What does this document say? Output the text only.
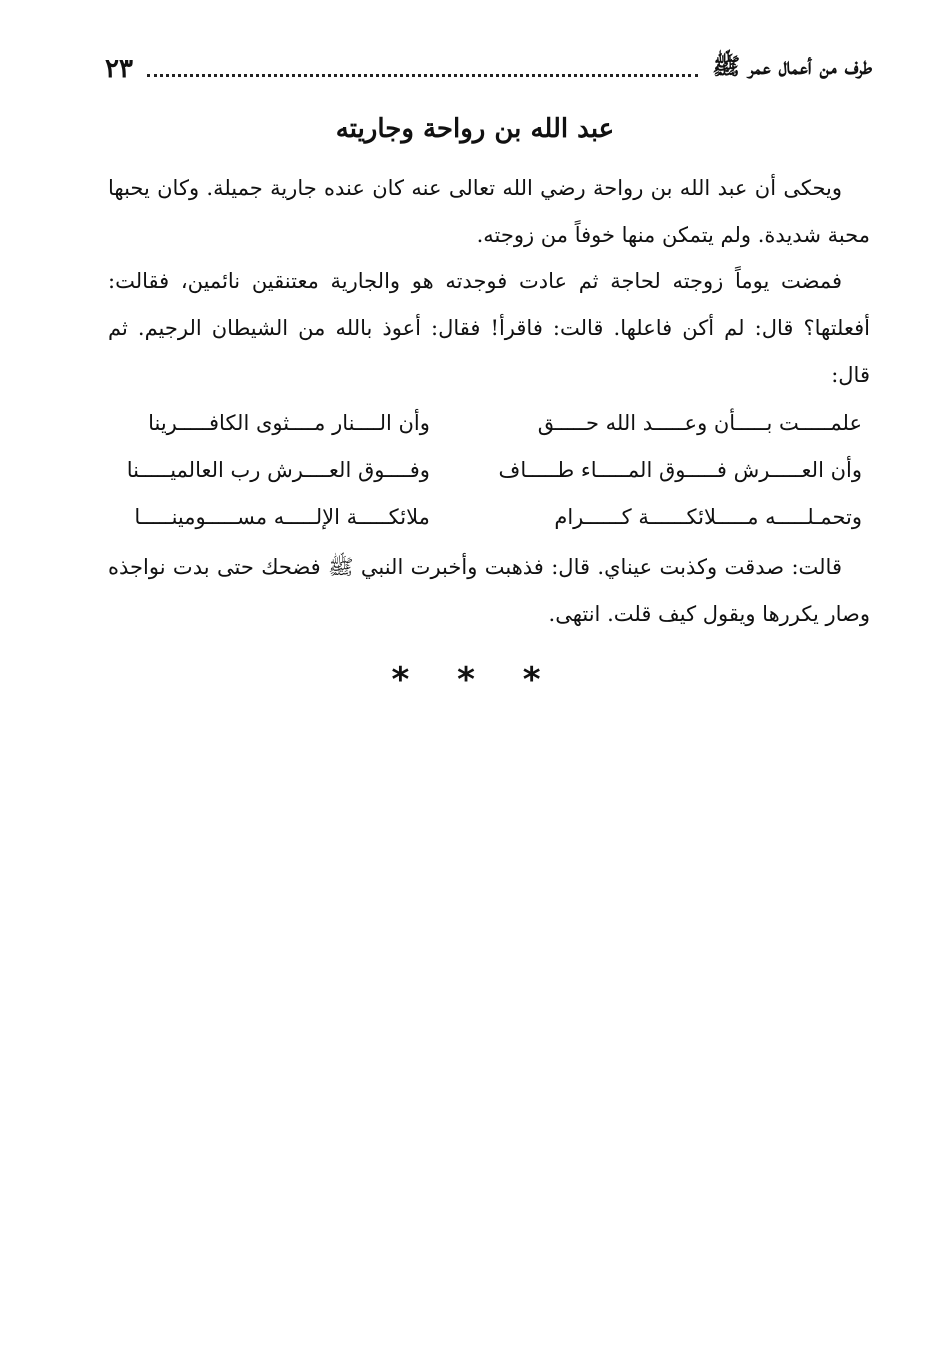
طرف من أعمال عمر ﷺ
٢٣
عبد الله بن رواحة وجاريته
ويحكى أن عبد الله بن رواحة رضي الله تعالى عنه كان عنده جارية جميلة. وكان يحبها محبة شديدة. ولم يتمكن منها خوفاً من زوجته.
فمضت يوماً زوجته لحاجة ثم عادت فوجدته هو والجارية معتنقين نائمين، فقالت: أفعلتها؟ قال: لم أكن فاعلها. قالت: فاقرأ! فقال: أعوذ بالله من الشيطان الرجيم. ثم قال:
علمـــــت بـــــأن وعـــــد الله حـــــق
وأن الــــنار مــــثوى الكافـــــرينا
وأن العـــــرش فـــــوق المـــــاء طـــــاف
وفــــوق العــــرش رب العالميـــــنا
وتحمـلـــــه مـــــلائكــــــة كــــــرام
ملائكـــــة الإلـــــه مســـــومينـــــا
قالت: صدقت وكذبت عيناي. قال: فذهبت وأخبرت النبي ﷺ فضحك حتى بدت نواجذه وصار يكررها ويقول كيف قلت. انتهى.
* * *
